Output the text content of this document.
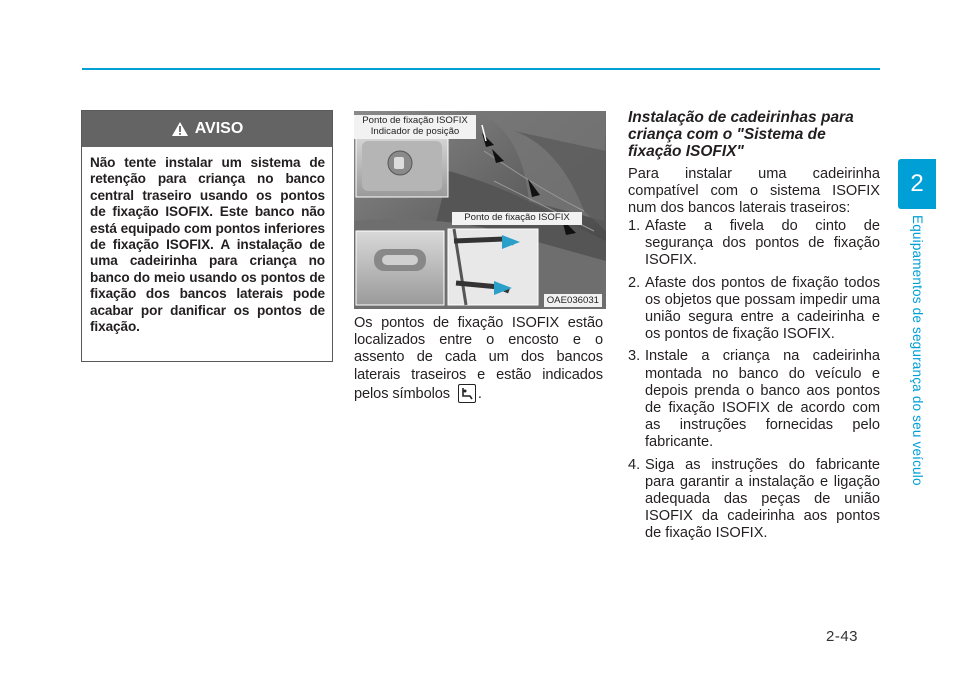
2
Equipamentos de segurança do seu veículo
AVISO
Não tente instalar um sistema de retenção para criança no banco central traseiro usando os pontos de fixação ISOFIX. Este banco não está equipado com pontos inferiores de fixação ISOFIX. A instalação de uma cadeirinha para criança no banco do meio usando os pontos de fixação dos bancos laterais pode acabar por danificar os pontos de fixação.
Ponto de fixação ISOFIX
Indicador de posição
Ponto de fixação ISOFIX
OAE036031
Os pontos de fixação ISOFIX estão localizados entre o encosto e o assento de cada um dos bancos laterais traseiros e estão indicados pelos símbolos .
Instalação de cadeirinhas para criança com o "Sistema de fixação ISOFIX"
Para instalar uma cadeirinha compatível com o sistema ISOFIX num dos bancos laterais traseiros:
1. Afaste a fivela do cinto de segurança dos pontos de fixação ISOFIX.
2. Afaste dos pontos de fixação todos os objetos que possam impedir uma união segura entre a cadeirinha e os pontos de fixação ISOFIX.
3. Instale a criança na cadeirinha montada no banco do veículo e depois prenda o banco aos pontos de fixação ISOFIX de acordo com as instruções fornecidas pelo fabricante.
4. Siga as instruções do fabricante para garantir a instalação e ligação adequada das peças de união ISOFIX da cadeirinha aos pontos de fixação ISOFIX.
2-43
